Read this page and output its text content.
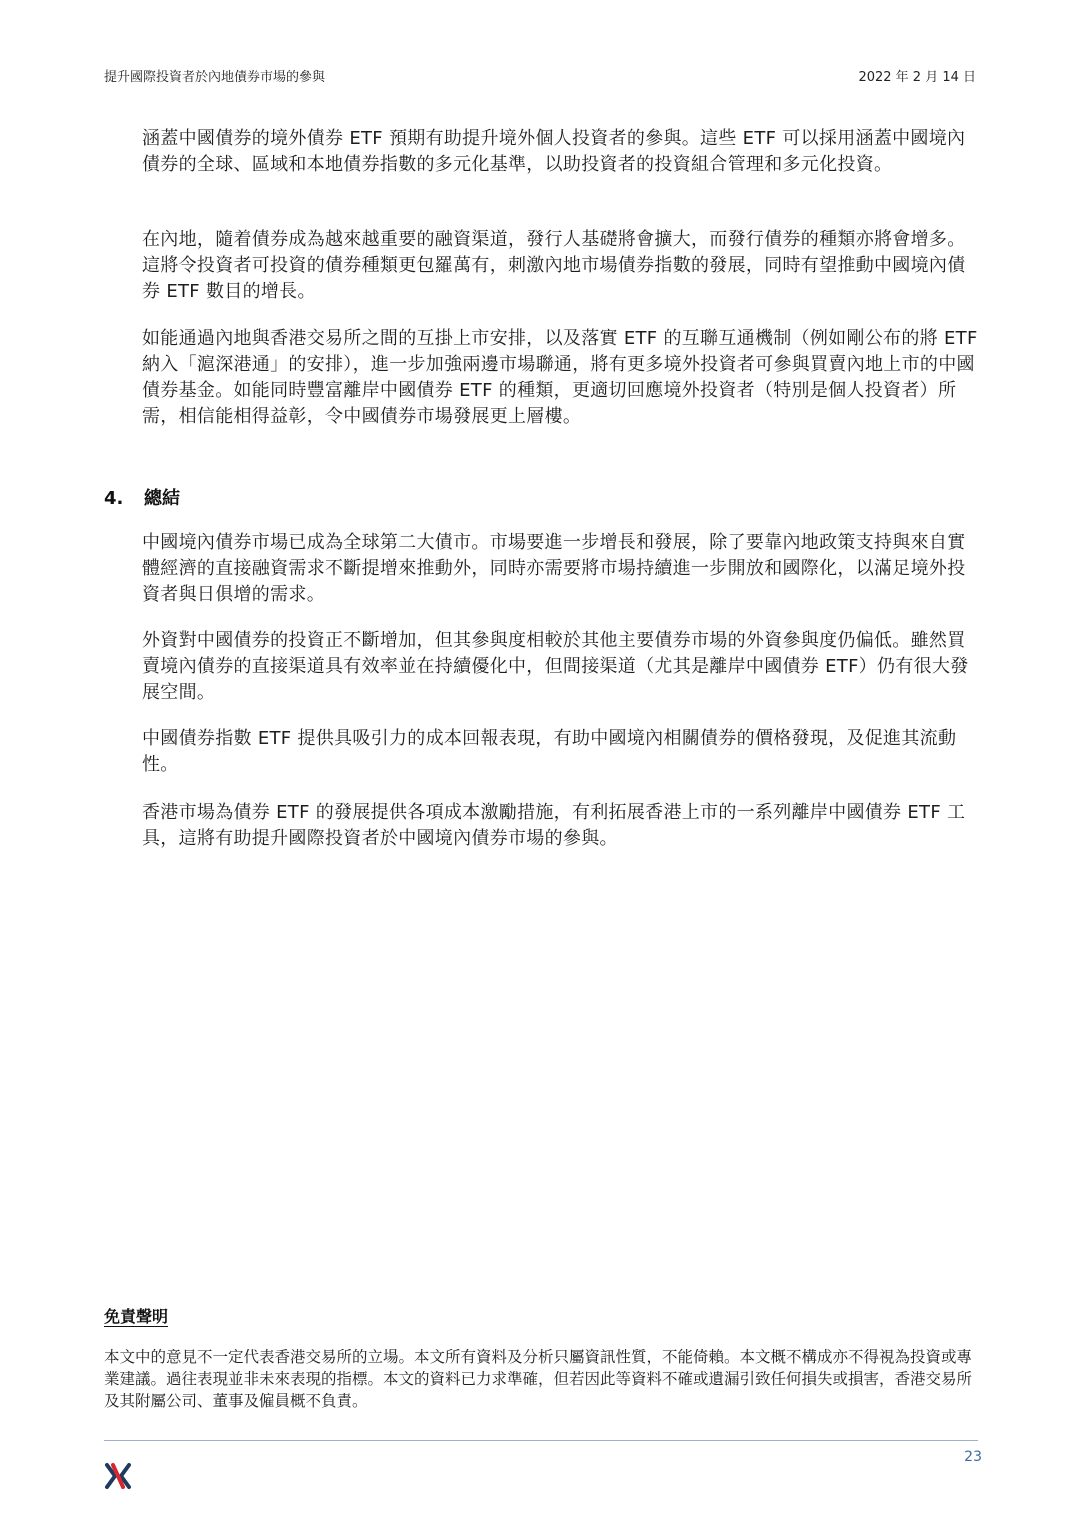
提升國際投資者於內地債券市場的參與	2022 年 2 月 14 日

涵蓋中國債券的境外債券 ETF 預期有助提升境外個人投資者的參與。這些 ETF 可以採用涵蓋中國境內債券的全球、區域和本地債券指數的多元化基準，以助投資者的投資組合管理和多元化投資。

在內地，隨着債券成為越來越重要的融資渠道，發行人基礎將會擴大，而發行債券的種類亦將會增多。這將令投資者可投資的債券種類更包羅萬有，刺激內地市場債券指數的發展，同時有望推動中國境內債券 ETF 數目的增長。

如能通過內地與香港交易所之間的互掛上市安排，以及落實 ETF 的互聯互通機制（例如剛公布的將 ETF 納入「滬深港通」的安排），進一步加強兩邊市場聯通，將有更多境外投資者可參與買賣內地上市的中國債券基金。如能同時豐富離岸中國債券 ETF 的種類，更適切回應境外投資者（特別是個人投資者）所需，相信能相得益彰，令中國債券市場發展更上層樓。

4. 總結

中國境內債券市場已成為全球第二大債市。市場要進一步增長和發展，除了要靠內地政策支持與來自實體經濟的直接融資需求不斷提增來推動外，同時亦需要將市場持續進一步開放和國際化，以滿足境外投資者與日俱增的需求。

外資對中國債券的投資正不斷增加，但其參與度相較於其他主要債券市場的外資參與度仍偏低。雖然買賣境內債券的直接渠道具有效率並在持續優化中，但間接渠道（尤其是離岸中國債券 ETF）仍有很大發展空間。

中國債券指數 ETF 提供具吸引力的成本回報表現，有助中國境內相關債券的價格發現，及促進其流動性。

香港市場為債券 ETF 的發展提供各項成本激勵措施，有利拓展香港上市的一系列離岸中國債券 ETF 工具，這將有助提升國際投資者於中國境內債券市場的參與。

免責聲明

本文中的意見不一定代表香港交易所的立場。本文所有資料及分析只屬資訊性質，不能倚賴。本文概不構成亦不得視為投資或專業建議。過往表現並非未來表現的指標。本文的資料已力求準確，但若因此等資料不確或遺漏引致任何損失或損害，香港交易所及其附屬公司、董事及僱員概不負責。

23
